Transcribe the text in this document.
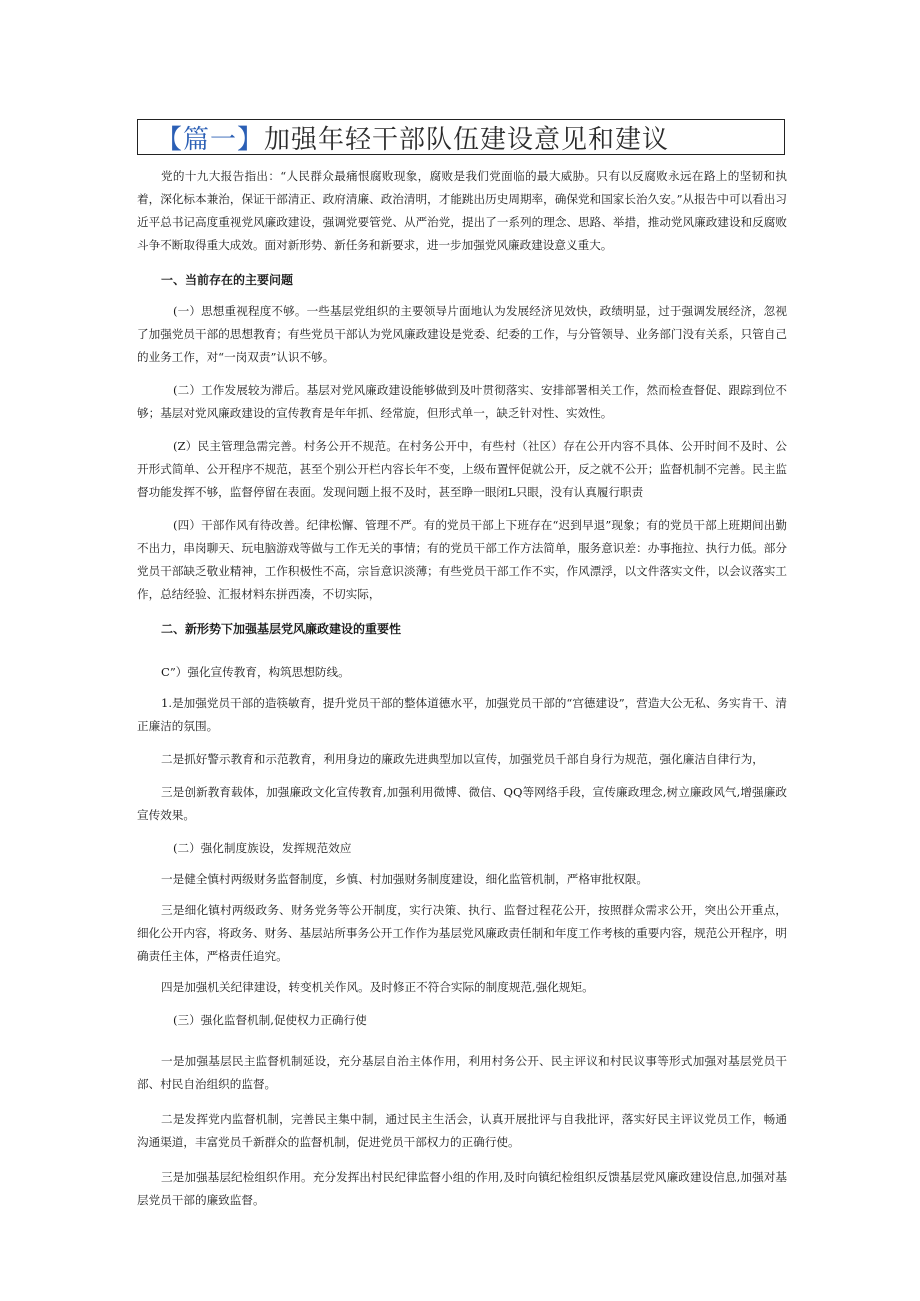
【篇一】加强年轻干部队伍建设意见和建议

党的十九大报告指出：“人民群众最痛恨腐败现象，腐败是我们党面临的最大威胁。只有以反腐败永远在路上的坚韧和执着，深化标本兼治，保证干部清正、政府清廉、政治清明，才能跳出历史周期率，确保党和国家长治久安。”从报告中可以看出习近平总书记高度重视党风廉政建设，强调党要管党、从严治党，提出了一系列的理念、思路、举措，推动党风廉政建设和反腐败斗争不断取得重大成效。面对新形势、新任务和新要求，进一步加强党风廉政建设意义重大。

一、当前存在的主要问题

(一）思想重视程度不够。一些基层党组织的主要领导片面地认为发展经济见效快，政绩明显，过于强调发展经济，忽视了加强党员干部的思想教育；有些党员干部认为党风廉政建设是党委、纪委的工作，与分管领导、业务部门没有关系，只管自己的业务工作，对“一岗双责”认识不够。

(二）工作发展较为滞后。基层对党风廉政建设能够做到及叶贯彻落实、安排部署相关工作，然而检查督促、跟踪到位不够；基层对党风廉政建设的宣传教育是年年抓、经常旋，但形式单一，缺乏针对性、实效性。

(Z）民主管理急需完善。村务公开不规范。在村务公开中，有些村（社区）存在公开内容不具体、公开时间不及时、公开形式简单、公开程序不规范，甚至个别公开栏内容长年不变，上级布置怦促就公开，反之就不公开；监督机制不完善。民主监督功能发挥不够，监督停留在表面。发现问题上报不及时，甚至睁一眼闭L只眼，没有认真履行职责

(四）干部作风有待改善。纪律松懈、管理不严。有的党员干部上下班存在“迟到早退”现象；有的党员干部上班期间出勤不出力，串岗聊天、玩电脑游戏等做与工作无关的事情；有的党员干部工作方法简单，服务意识差：办事拖拉、执行力低。部分党员干部缺乏敬业精神，工作积极性不高，宗旨意识淡薄；有些党员干部工作不实，作风漂浮，以文件落实文件，以会议落实工作，总结经验、汇报材料东拼西凑，不切实际，

二、新形势下加强基层党风廉政建设的重要性

C”）强化宣传教育，构筑思想防线。

1.是加强党员干部的造筷敏育，提升党员干部的整体道德水平，加强党员干部的“宫德建设”，营造大公无私、务实肯干、清正廉洁的氛围。

二是抓好警示教育和示范教育，利用身边的廉政先进典型加以宣传，加强党员千部自身行为规范，强化廉洁自律行为，

三是创新教育载体，加强廉政文化宣传教育,加强利用微博、微信、QQ等网络手段，宣传廉政理念,树立廉政风气,增强廉政宣传效果。

(二）强化制度族设，发挥规范效应

一是健全慎村两级财务监督制度，乡慎、村加强财务制度建设，细化监管机制，严格审批权限。

三是细化镇村两级政务、财务党务等公开制度，实行决策、执行、监督过程花公开，按照群众需求公开，突出公开重点，细化公开内容，将政务、财务、基层站所事务公开工作作为基层党风廉政责任制和年度工作考核的重要内容，规范公开程序，明确责任主体，严格责任追究。

四是加强机关纪律建设，转变机关作风。及时修正不符合实际的制度规范,强化规矩。

(三）强化监督机制,促使权力正确行使

一是加强基层民主监督机制延设，充分基层自治主体作用，利用村务公开、民主评议和村民议事等形式加强对基层党员干部、村民自治组织的监督。

二是发挥党内监督机制，完善民主集中制，通过民主生活会，认真开展批评与自我批评，落实好民主评议党员工作，畅通沟通渠道，丰富党员千新群众的监督机制，促进党员干部权力的正确行使。

三是加强基层纪检组织作用。充分发挥出村民纪律监督小组的作用,及时向镇纪检组织反馈基层党风廉政建设信息,加强对基层党员干部的廉致监督。
